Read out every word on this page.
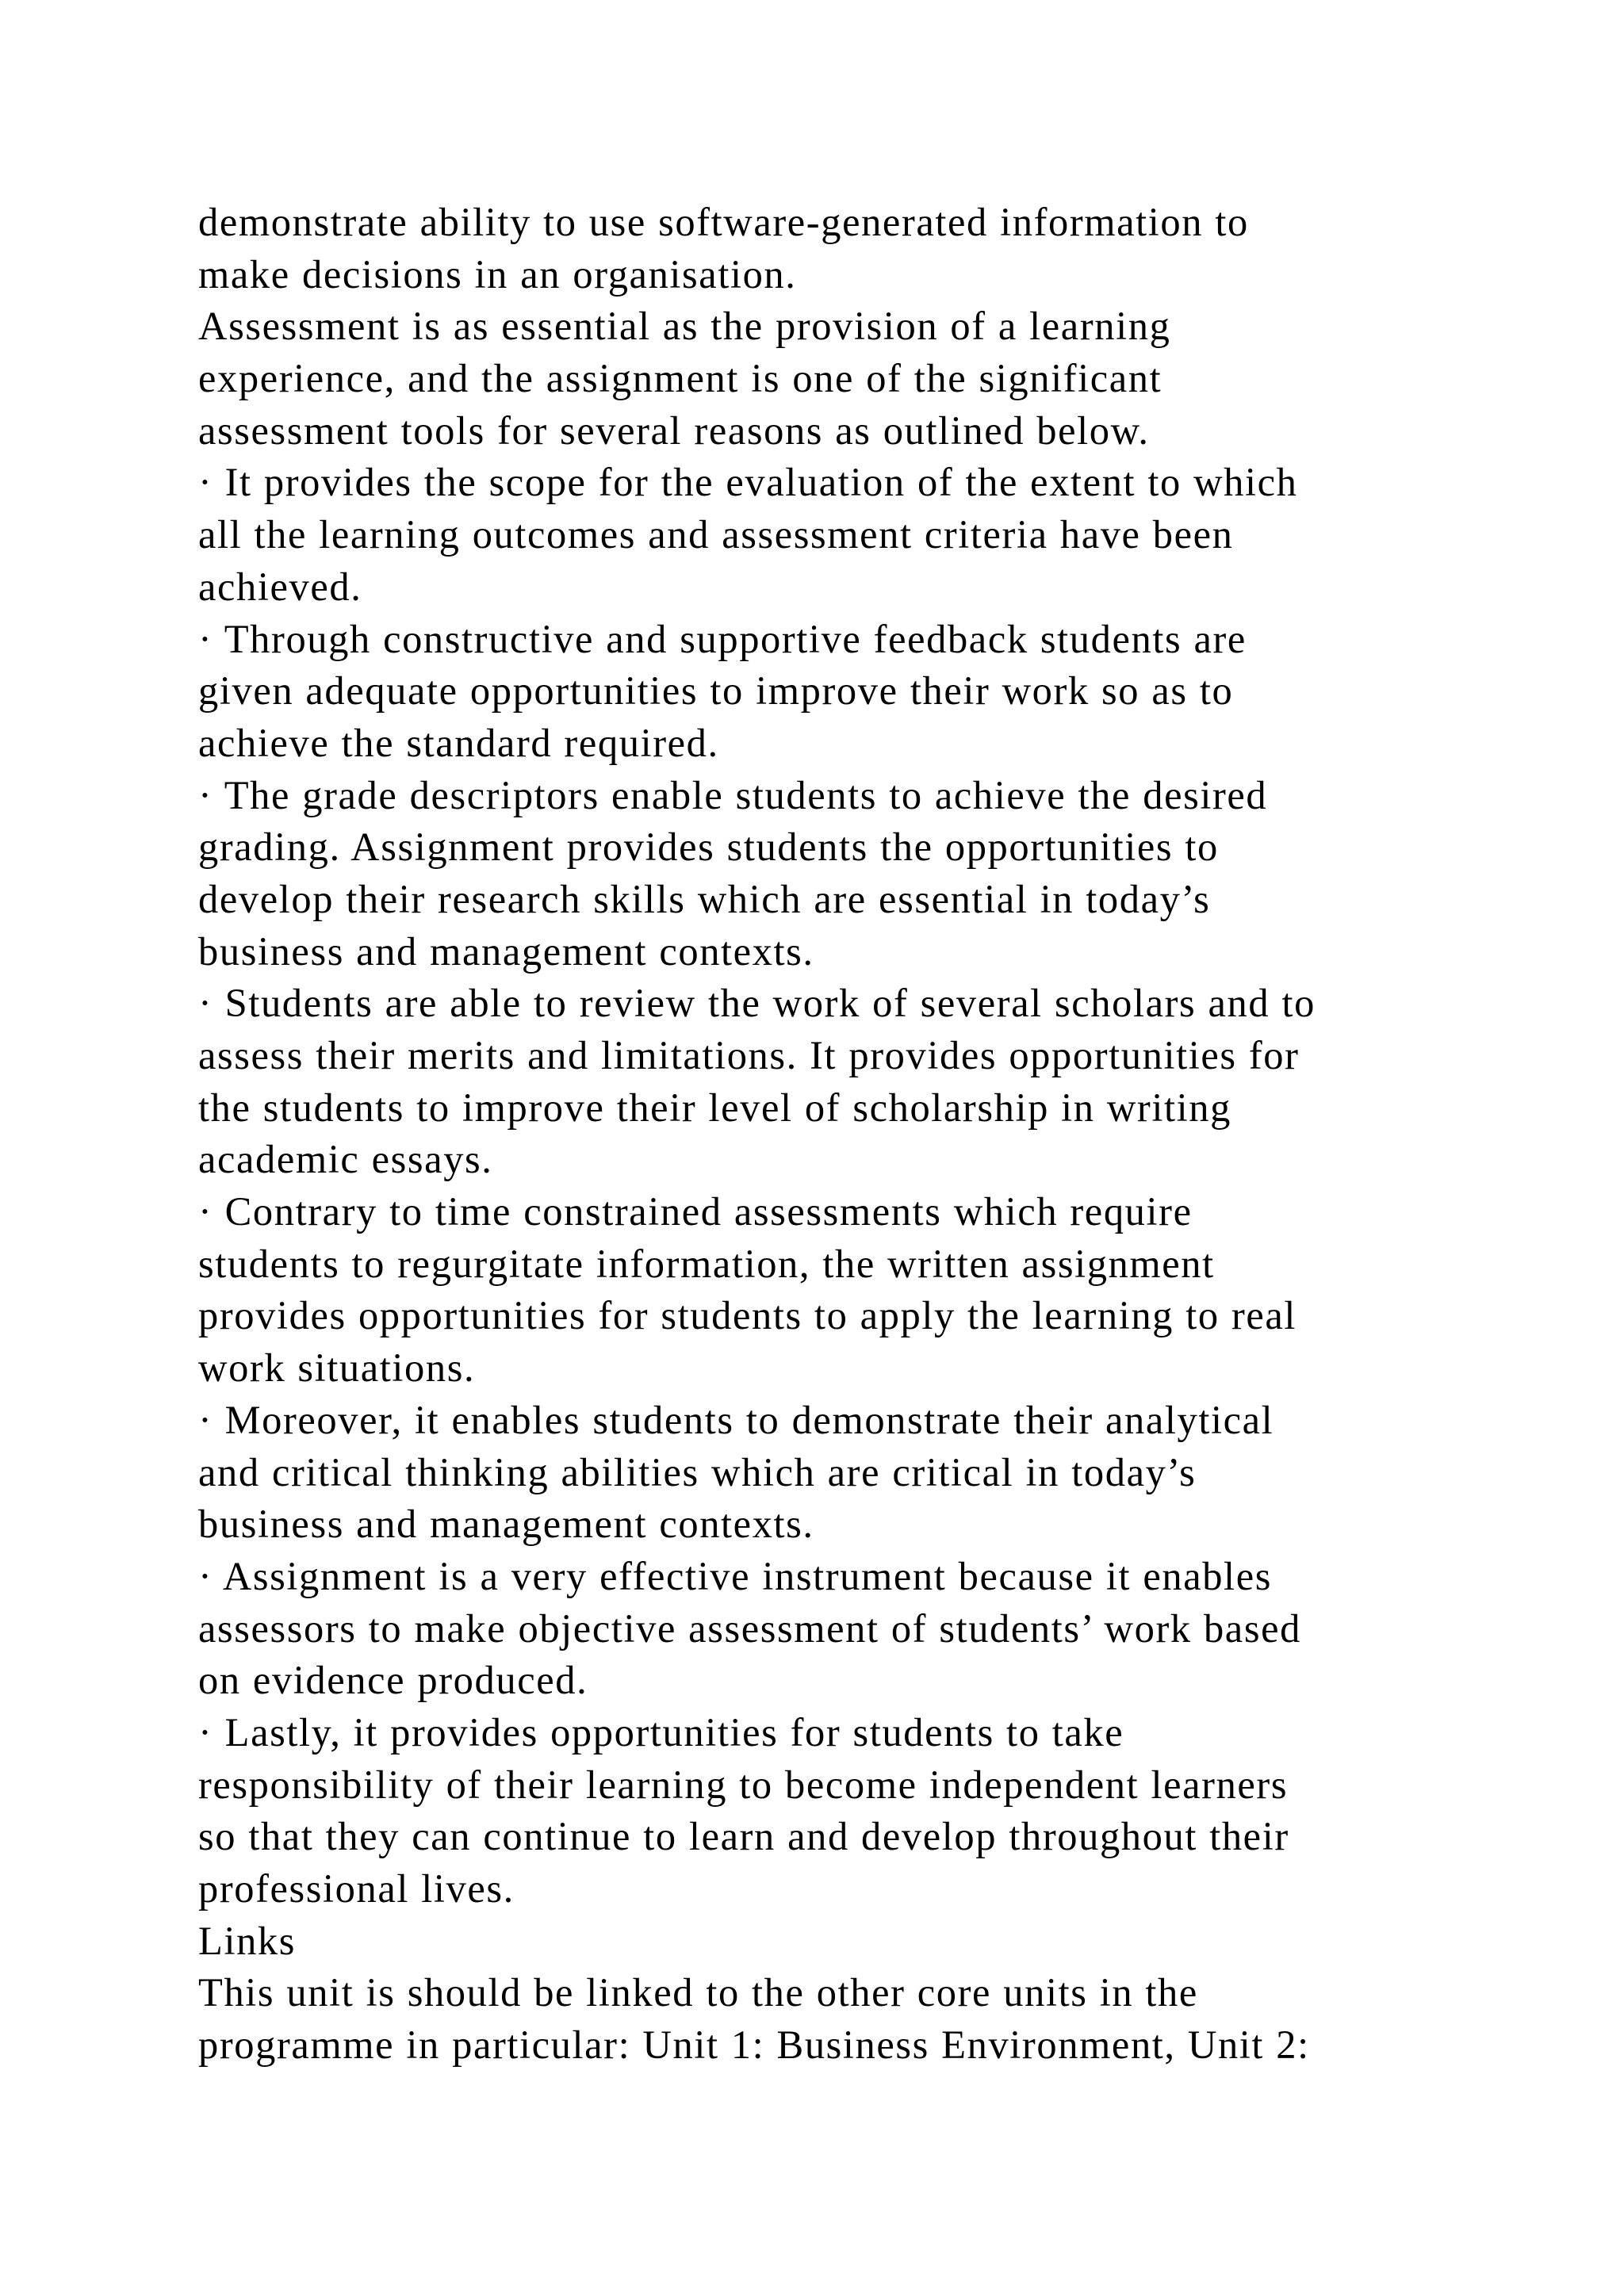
demonstrate ability to use software-generated information to
make decisions in an organisation.
Assessment is as essential as the provision of a learning
experience, and the assignment is one of the significant
assessment tools for several reasons as outlined below.
· It provides the scope for the evaluation of the extent to which
all the learning outcomes and assessment criteria have been
achieved.
· Through constructive and supportive feedback students are
given adequate opportunities to improve their work so as to
achieve the standard required.
· The grade descriptors enable students to achieve the desired
grading. Assignment provides students the opportunities to
develop their research skills which are essential in today’s
business and management contexts.
· Students are able to review the work of several scholars and to
assess their merits and limitations. It provides opportunities for
the students to improve their level of scholarship in writing
academic essays.
· Contrary to time constrained assessments which require
students to regurgitate information, the written assignment
provides opportunities for students to apply the learning to real
work situations.
· Moreover, it enables students to demonstrate their analytical
and critical thinking abilities which are critical in today’s
business and management contexts.
· Assignment is a very effective instrument because it enables
assessors to make objective assessment of students’ work based
on evidence produced.
· Lastly, it provides opportunities for students to take
responsibility of their learning to become independent learners
so that they can continue to learn and develop throughout their
professional lives.
Links
This unit is should be linked to the other core units in the
programme in particular: Unit 1: Business Environment, Unit 2:
